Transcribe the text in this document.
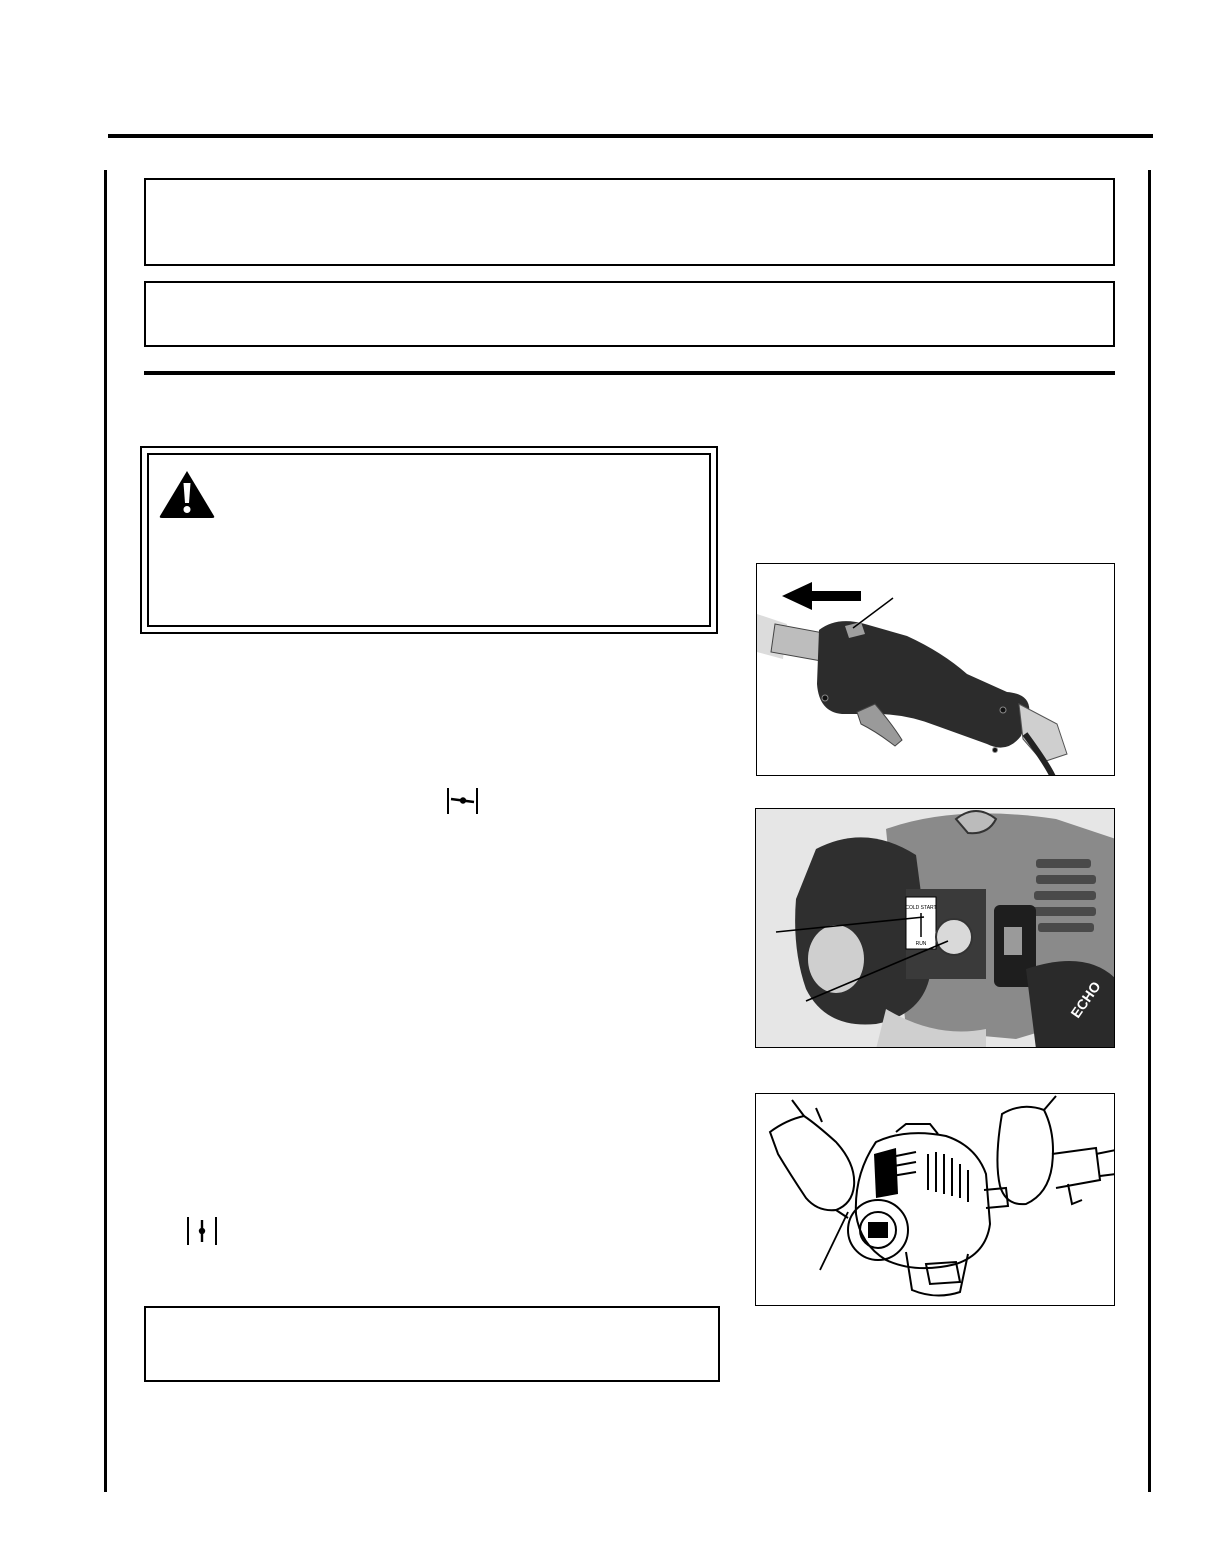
COLD START
RUN
ECHO
